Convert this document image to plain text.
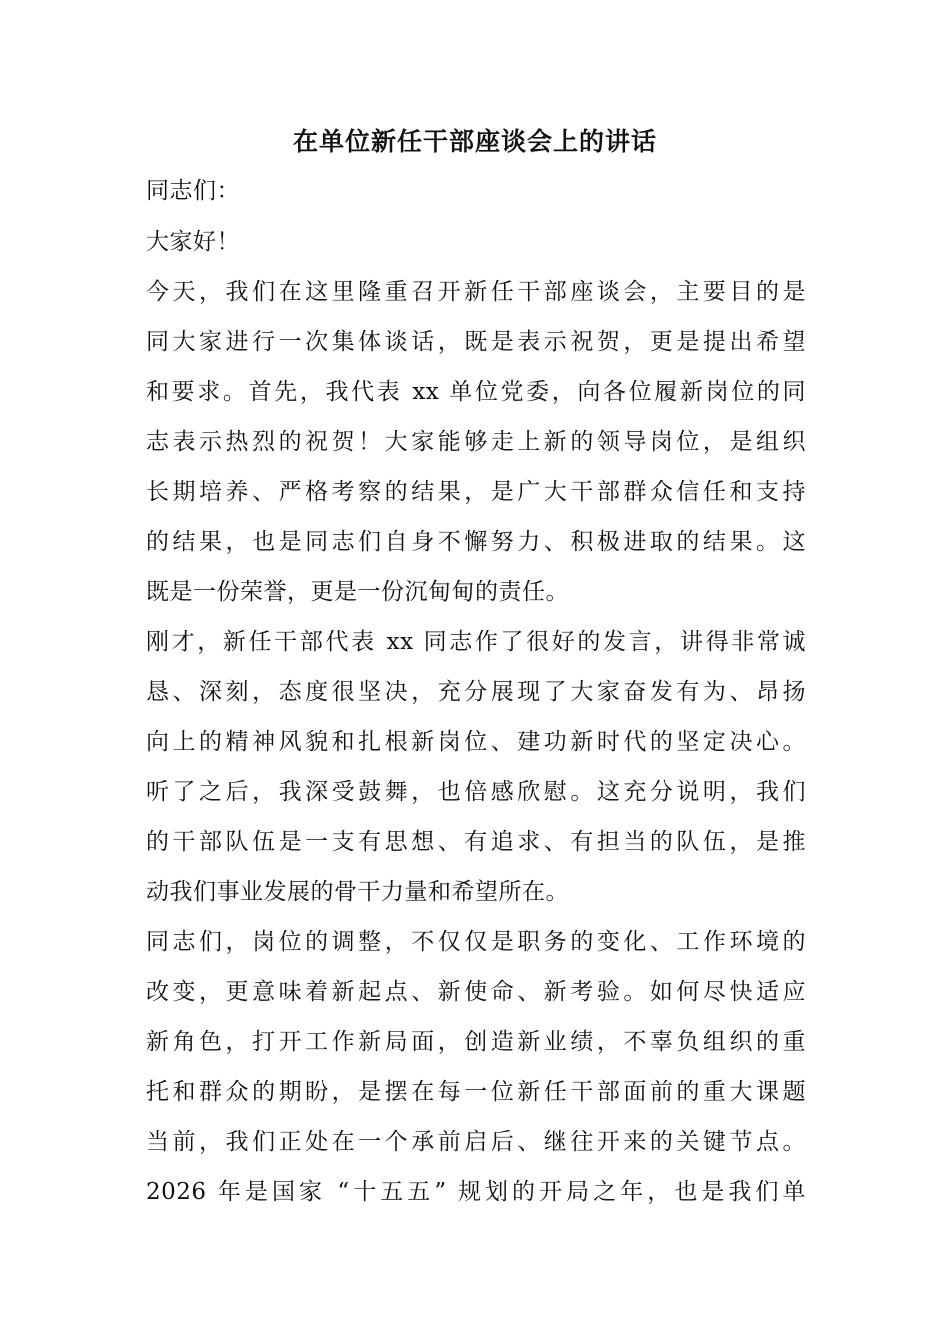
在单位新任干部座谈会上的讲话

同志们：

大家好！

今天，我们在这里隆重召开新任干部座谈会，主要目的是

同大家进行一次集体谈话，既是表示祝贺，更是提出希望

和要求。首先，我代表 xx 单位党委，向各位履新岗位的同

志表示热烈的祝贺！大家能够走上新的领导岗位，是组织

长期培养、严格考察的结果，是广大干部群众信任和支持

的结果，也是同志们自身不懈努力、积极进取的结果。这

既是一份荣誉，更是一份沉甸甸的责任。

刚才，新任干部代表 xx 同志作了很好的发言，讲得非常诚

恳、深刻，态度很坚决，充分展现了大家奋发有为、昂扬

向上的精神风貌和扎根新岗位、建功新时代的坚定决心。

听了之后，我深受鼓舞，也倍感欣慰。这充分说明，我们

的干部队伍是一支有思想、有追求、有担当的队伍，是推

动我们事业发展的骨干力量和希望所在。

同志们，岗位的调整，不仅仅是职务的变化、工作环境的

改变，更意味着新起点、新使命、新考验。如何尽快适应

新角色，打开工作新局面，创造新业绩，不辜负组织的重

托和群众的期盼，是摆在每一位新任干部面前的重大课题

当前，我们正处在一个承前启后、继往开来的关键节点。

2026 年是国家 “十五五” 规划的开局之年，也是我们单
